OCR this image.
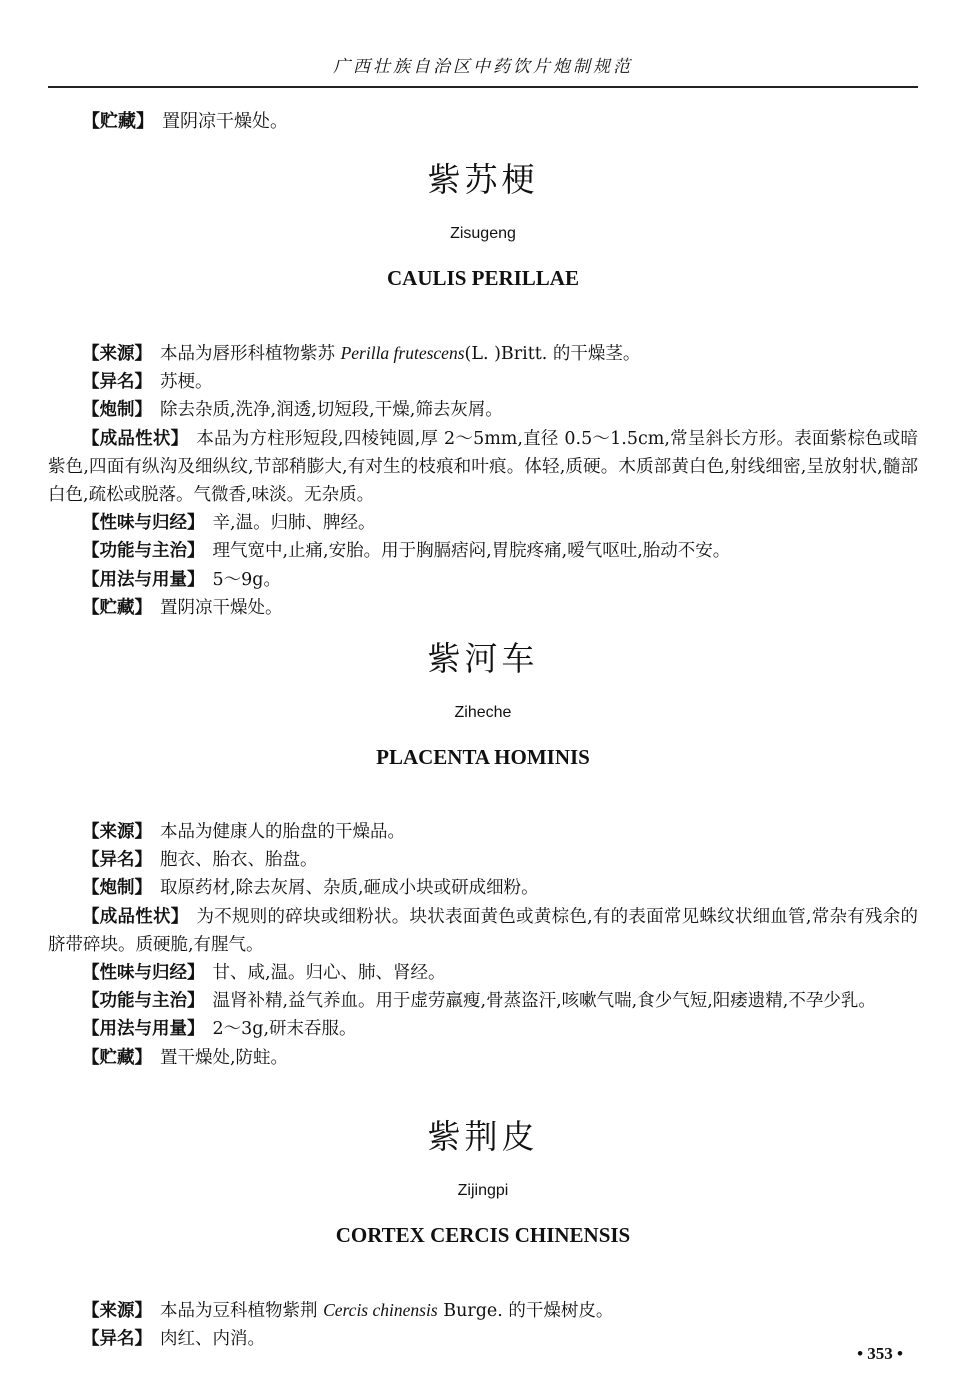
广西壮族自治区中药饮片炮制规范

【贮藏】 置阴凉干燥处。

紫苏梗
Zisugeng
CAULIS PERILLAE

【来源】 本品为唇形科植物紫苏 Perilla frutescens(L. )Britt. 的干燥茎。

【异名】 苏梗。

【炮制】 除去杂质,洗净,润透,切短段,干燥,筛去灰屑。

【成品性状】 本品为方柱形短段,四棱钝圆,厚 2～5mm,直径 0.5～1.5cm,常呈斜长方形。表面紫棕色或暗紫色,四面有纵沟及细纵纹,节部稍膨大,有对生的枝痕和叶痕。体轻,质硬。木质部黄白色,射线细密,呈放射状,髓部白色,疏松或脱落。气微香,味淡。无杂质。

【性味与归经】 辛,温。归肺、脾经。

【功能与主治】 理气宽中,止痛,安胎。用于胸膈痞闷,胃脘疼痛,嗳气呕吐,胎动不安。

【用法与用量】 5～9g。

【贮藏】 置阴凉干燥处。

紫河车
Ziheche
PLACENTA HOMINIS

【来源】 本品为健康人的胎盘的干燥品。

【异名】 胞衣、胎衣、胎盘。

【炮制】 取原药材,除去灰屑、杂质,砸成小块或研成细粉。

【成品性状】 为不规则的碎块或细粉状。块状表面黄色或黄棕色,有的表面常见蛛纹状细血管,常杂有残余的脐带碎块。质硬脆,有腥气。

【性味与归经】 甘、咸,温。归心、肺、肾经。

【功能与主治】 温肾补精,益气养血。用于虚劳羸瘦,骨蒸盗汗,咳嗽气喘,食少气短,阳痿遗精,不孕少乳。

【用法与用量】 2～3g,研末吞服。

【贮藏】 置干燥处,防蛀。

紫荆皮
Zijingpi
CORTEX CERCIS CHINENSIS

【来源】 本品为豆科植物紫荆 Cercis chinensis Burge. 的干燥树皮。

【异名】 肉红、内消。

• 353 •
